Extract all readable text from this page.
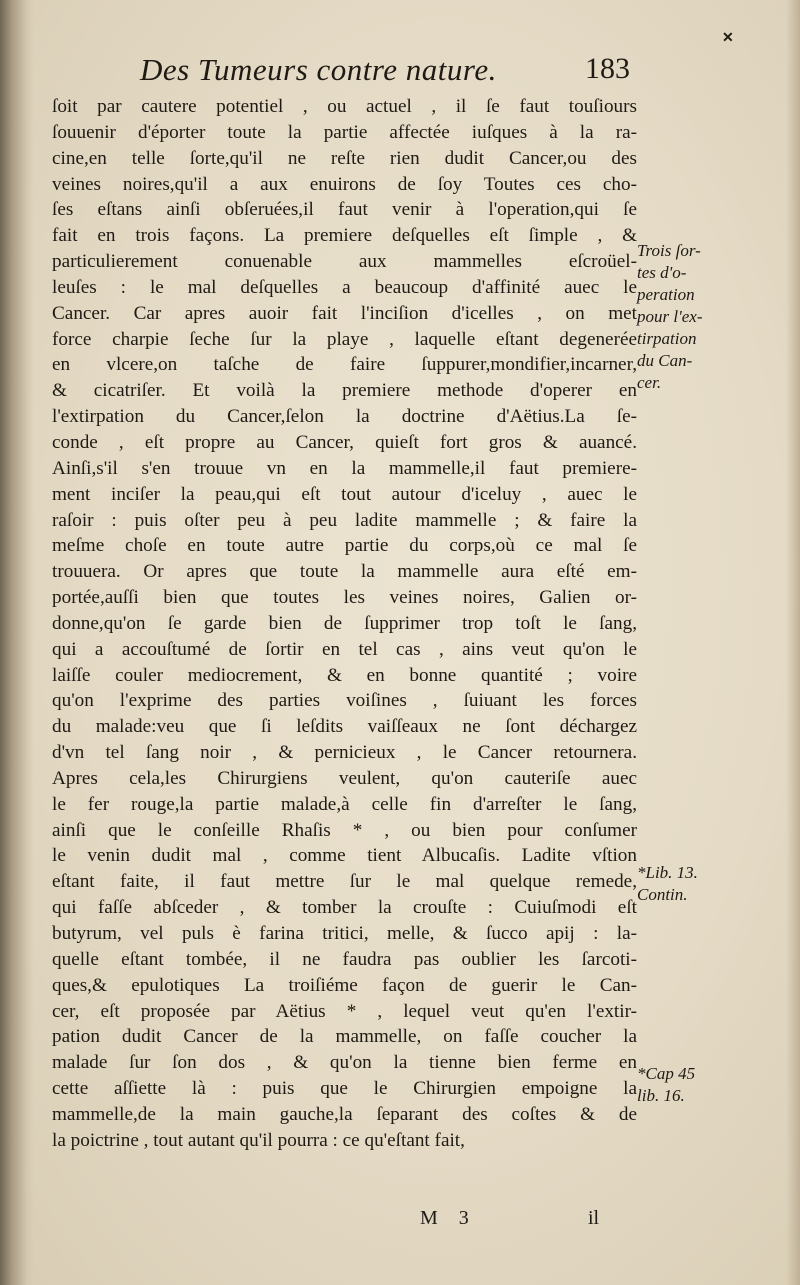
✕
Des Tumeurs contre nature.	183
ſoit par cautere potentiel , ou actuel , il ſe faut touſiours
ſouuenir d'éporter toute la partie affectée iuſques à la ra-
cine,en telle ſorte,qu'il ne reſte rien dudit Cancer,ou des
veines noires,qu'il a aux enuirons de ſoy Toutes ces cho-
ſes eſtans ainſi obſeruées,il faut venir à l'operation,qui ſe
fait en trois façons. La premiere deſquelles eſt ſimple , &
particulierement conuenable aux mammelles eſcroüel-
leuſes : le mal deſquelles a beaucoup d'affinité auec le
Cancer. Car apres auoir fait l'inciſion d'icelles , on met
force charpie ſeche ſur la playe , laquelle eſtant degenerée
en vlcere,on taſche de faire ſuppurer,mondifier,incarner,
& cicatriſer. Et voilà la premiere methode d'operer en
l'extirpation du Cancer,ſelon la doctrine d'Aëtius.La ſe-
conde , eſt propre au Cancer, quieſt fort gros & auancé.
Ainſi,s'il s'en trouue vn en la mammelle,il faut premiere-
ment inciſer la peau,qui eſt tout autour d'iceluy , auec le
raſoir : puis oſter peu à peu ladite mammelle ; & faire la
meſme choſe en toute autre partie du corps,où ce mal ſe
trouuera. Or apres que toute la mammelle aura eſté em-
portée,auſſi bien que toutes les veines noires, Galien or-
donne,qu'on ſe garde bien de ſupprimer trop toſt le ſang,
qui a accouſtumé de ſortir en tel cas , ains veut qu'on le
laiſſe couler mediocrement, & en bonne quantité ; voire
qu'on l'exprime des parties voiſines , ſuiuant les forces
du malade:veu que ſi leſdits vaiſſeaux ne ſont déchargez
d'vn tel ſang noir , & pernicieux , le Cancer retournera.
Apres cela,les Chirurgiens veulent, qu'on cauteriſe auec
le fer rouge,la partie malade,à celle fin d'arreſter le ſang,
ainſi que le conſeille Rhaſis * , ou bien pour conſumer
le venin dudit mal , comme tient Albucaſis. Ladite vſtion
eſtant faite, il faut mettre ſur le mal quelque remede,
qui faſſe abſceder , & tomber la crouſte : Cuiuſmodi eſt
butyrum, vel puls è farina tritici, melle, & ſucco apij : la-
quelle eſtant tombée, il ne faudra pas oublier les ſarcoti-
ques,& epulotiques La troiſiéme façon de guerir le Can-
cer, eſt proposée par Aëtius * , lequel veut qu'en l'extir-
pation dudit Cancer de la mammelle, on faſſe coucher la
malade ſur ſon dos , & qu'on la tienne bien ferme en
cette aſſiette là : puis que le Chirurgien empoigne la
mammelle,de la main gauche,la ſeparant des coſtes & de
la poictrine , tout autant qu'il pourra : ce qu'eſtant fait,
Trois ſor-
tes d'o-
peration
pour l'ex-
tirpation
du Can-
cer.
*Lib. 13.
Contin.
*Cap 45
lib. 16.
M 3	il
